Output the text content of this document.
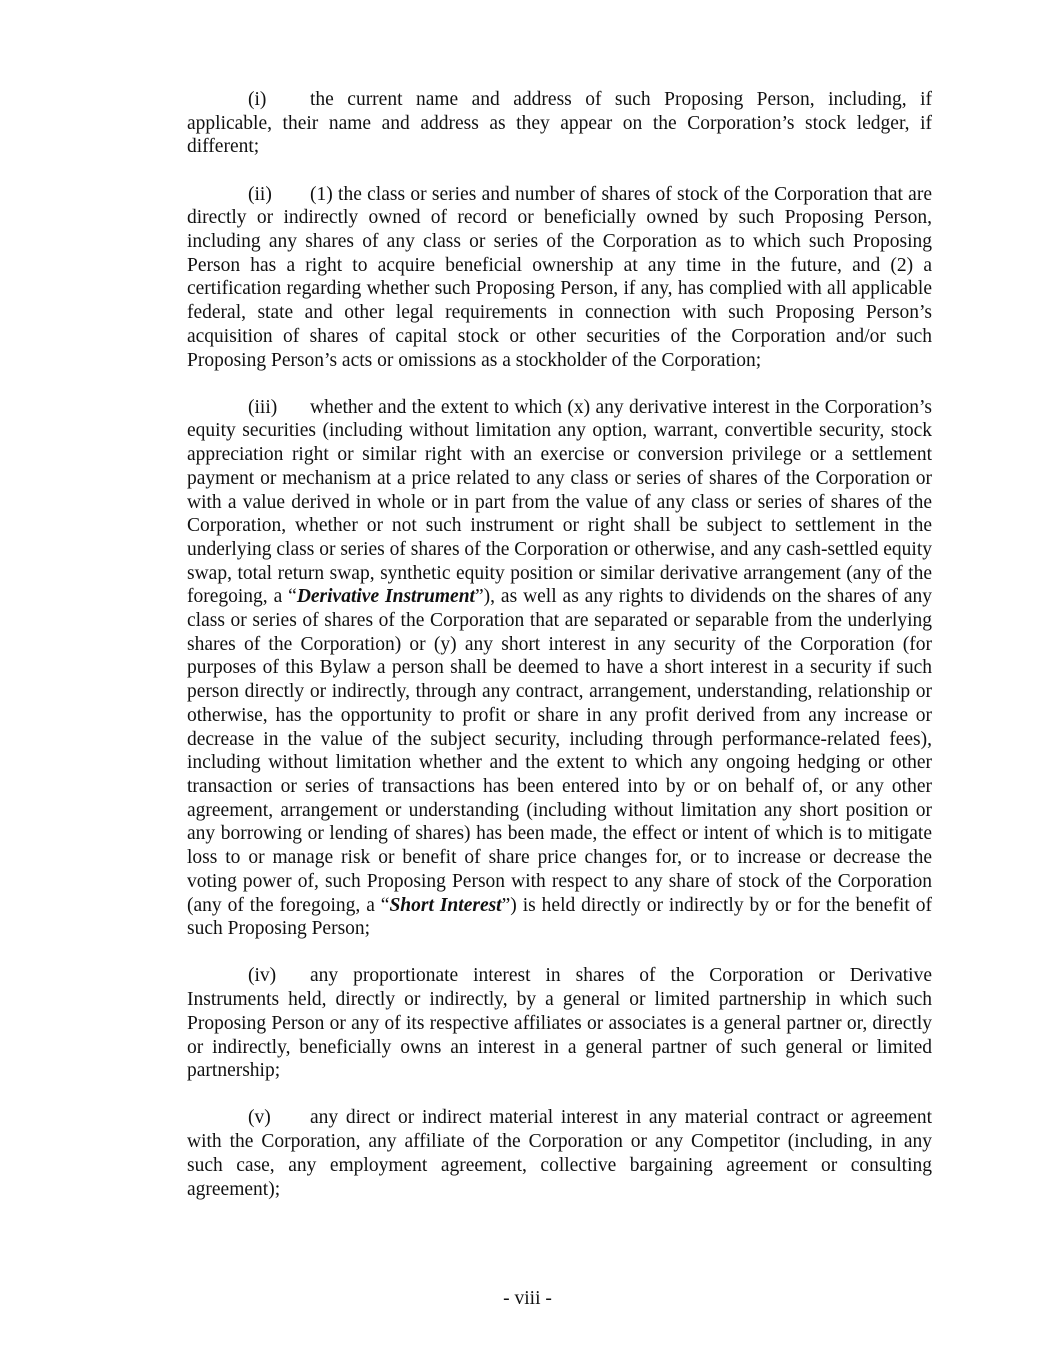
(i) the current name and address of such Proposing Person, including, if applicable, their name and address as they appear on the Corporation’s stock ledger, if different;

(ii) (1) the class or series and number of shares of stock of the Corporation that are directly or indirectly owned of record or beneficially owned by such Proposing Person, including any shares of any class or series of the Corporation as to which such Proposing Person has a right to acquire beneficial ownership at any time in the future, and (2) a certification regarding whether such Proposing Person, if any, has complied with all applicable federal, state and other legal requirements in connection with such Proposing Person’s acquisition of shares of capital stock or other securities of the Corporation and/or such Proposing Person’s acts or omissions as a stockholder of the Corporation;

(iii) whether and the extent to which (x) any derivative interest in the Corporation’s equity securities (including without limitation any option, warrant, convertible security, stock appreciation right or similar right with an exercise or conversion privilege or a settlement payment or mechanism at a price related to any class or series of shares of the Corporation or with a value derived in whole or in part from the value of any class or series of shares of the Corporation, whether or not such instrument or right shall be subject to settlement in the underlying class or series of shares of the Corporation or otherwise, and any cash-settled equity swap, total return swap, synthetic equity position or similar derivative arrangement (any of the foregoing, a “Derivative Instrument”), as well as any rights to dividends on the shares of any class or series of shares of the Corporation that are separated or separable from the underlying shares of the Corporation) or (y) any short interest in any security of the Corporation (for purposes of this Bylaw a person shall be deemed to have a short interest in a security if such person directly or indirectly, through any contract, arrangement, understanding, relationship or otherwise, has the opportunity to profit or share in any profit derived from any increase or decrease in the value of the subject security, including through performance-related fees), including without limitation whether and the extent to which any ongoing hedging or other transaction or series of transactions has been entered into by or on behalf of, or any other agreement, arrangement or understanding (including without limitation any short position or any borrowing or lending of shares) has been made, the effect or intent of which is to mitigate loss to or manage risk or benefit of share price changes for, or to increase or decrease the voting power of, such Proposing Person with respect to any share of stock of the Corporation (any of the foregoing, a “Short Interest”) is held directly or indirectly by or for the benefit of such Proposing Person;

(iv) any proportionate interest in shares of the Corporation or Derivative Instruments held, directly or indirectly, by a general or limited partnership in which such Proposing Person or any of its respective affiliates or associates is a general partner or, directly or indirectly, beneficially owns an interest in a general partner of such general or limited partnership;

(v) any direct or indirect material interest in any material contract or agreement with the Corporation, any affiliate of the Corporation or any Competitor (including, in any such case, any employment agreement, collective bargaining agreement or consulting agreement);

- viii -
